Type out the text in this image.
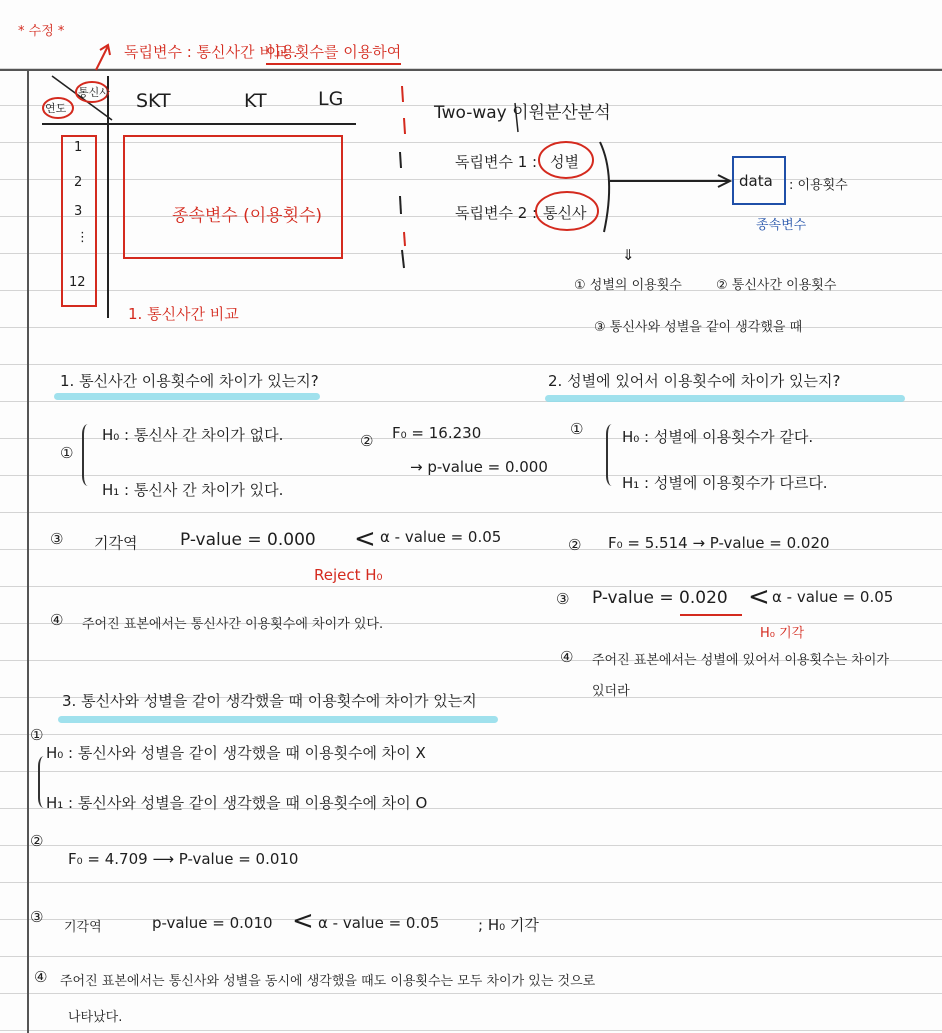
* 수정 *
독립변수 : 통신사간 비교 .
이용횟수를 이용하여
통신사
연도	SKT	KT	LG
1
2
3
⋮
12
종속변수 (이용횟수)
1. 통신사간 비교
Two-way 이원분산분석
독립변수 1 : 성별
독립변수 2 : 통신사
data : 이용횟수
종속변수
⇓
① 성별의 이용횟수	② 통신사간 이용횟수
③ 통신사와 성별을 같이 생각했을 때
1. 통신사간 이용횟수에 차이가 있는지?
①
H₀ : 통신사 간 차이가 없다.
H₁ : 통신사 간 차이가 있다.
② F₀ = 16.230
→ p-value = 0.000
③ 기각역	P-value = 0.000 < α - value = 0.05
Reject H₀
④ 주어진 표본에서는 통신사간 이용횟수에 차이가 있다.
2. 성별에 있어서 이용횟수에 차이가 있는지?
①	H₀ : 성별에 이용횟수가 같다.
H₁ : 성별에 이용횟수가 다르다.
② F₀ = 5.514 → P-value = 0.020
③ P-value = 0.020 < α - value = 0.05
H₀ 기각
④ 주어진 표본에서는 성별에 있어서 이용횟수는 차이가
있더라
3. 통신사와 성별을 같이 생각했을 때 이용횟수에 차이가 있는지
①
H₀ : 통신사와 성별을 같이 생각했을 때 이용횟수에 차이 X
H₁ : 통신사와 성별을 같이 생각했을 때 이용횟수에 차이 O
②
F₀ = 4.709 ⟶ P-value = 0.010
③
기각역	p-value = 0.010 < α - value = 0.05	; H₀ 기각
④ 주어진 표본에서는 통신사와 성별을 동시에 생각했을 때도 이용횟수는 모두 차이가 있는 것으로
나타났다.
